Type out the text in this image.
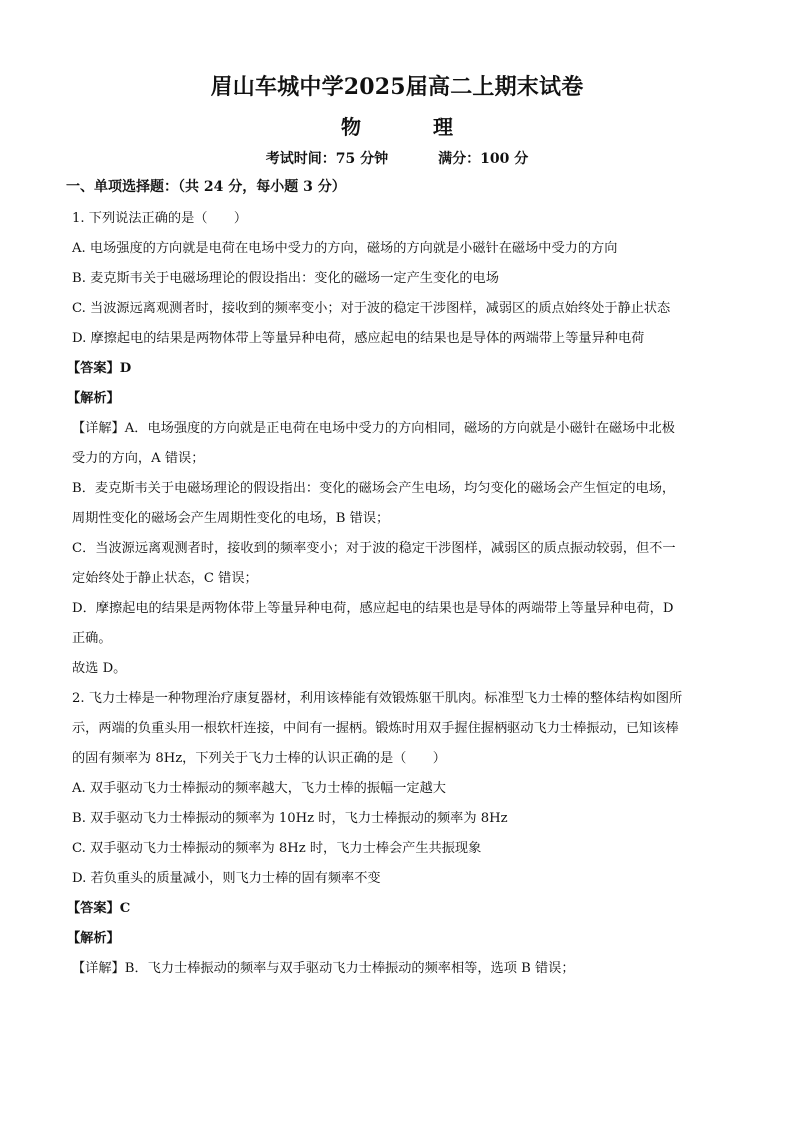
眉山车城中学2025届高二上期末试卷
物	理
考试时间：75 分钟	满分：100 分
一、单项选择题：（共 24 分，每小题 3 分）
1. 下列说法正确的是（　　）
A. 电场强度的方向就是电荷在电场中受力的方向，磁场的方向就是小磁针在磁场中受力的方向
B. 麦克斯韦关于电磁场理论的假设指出：变化的磁场一定产生变化的电场
C. 当波源远离观测者时，接收到的频率变小；对于波的稳定干涉图样，减弱区的质点始终处于静止状态
D. 摩擦起电的结果是两物体带上等量异种电荷，感应起电的结果也是导体的两端带上等量异种电荷
【答案】D
【解析】
【详解】A．电场强度的方向就是正电荷在电场中受力的方向相同，磁场的方向就是小磁针在磁场中北极
受力的方向，A 错误；
B．麦克斯韦关于电磁场理论的假设指出：变化的磁场会产生电场，均匀变化的磁场会产生恒定的电场，
周期性变化的磁场会产生周期性变化的电场，B 错误；
C．当波源远离观测者时，接收到的频率变小；对于波的稳定干涉图样，减弱区的质点振动较弱，但不一
定始终处于静止状态，C 错误；
D．摩擦起电的结果是两物体带上等量异种电荷，感应起电的结果也是导体的两端带上等量异种电荷，D
正确。
故选 D。
2. 飞力士棒是一种物理治疗康复器材，利用该棒能有效锻炼躯干肌肉。标准型飞力士棒的整体结构如图所
示，两端的负重头用一根软杆连接，中间有一握柄。锻炼时用双手握住握柄驱动飞力士棒振动，已知该棒
的固有频率为 8Hz，下列关于飞力士棒的认识正确的是（　　）
A. 双手驱动飞力士棒振动的频率越大，飞力士棒的振幅一定越大
B. 双手驱动飞力士棒振动的频率为 10Hz 时，飞力士棒振动的频率为 8Hz
C. 双手驱动飞力士棒振动的频率为 8Hz 时，飞力士棒会产生共振现象
D. 若负重头的质量减小，则飞力士棒的固有频率不变
【答案】C
【解析】
【详解】B．飞力士棒振动的频率与双手驱动飞力士棒振动的频率相等，选项 B 错误；
